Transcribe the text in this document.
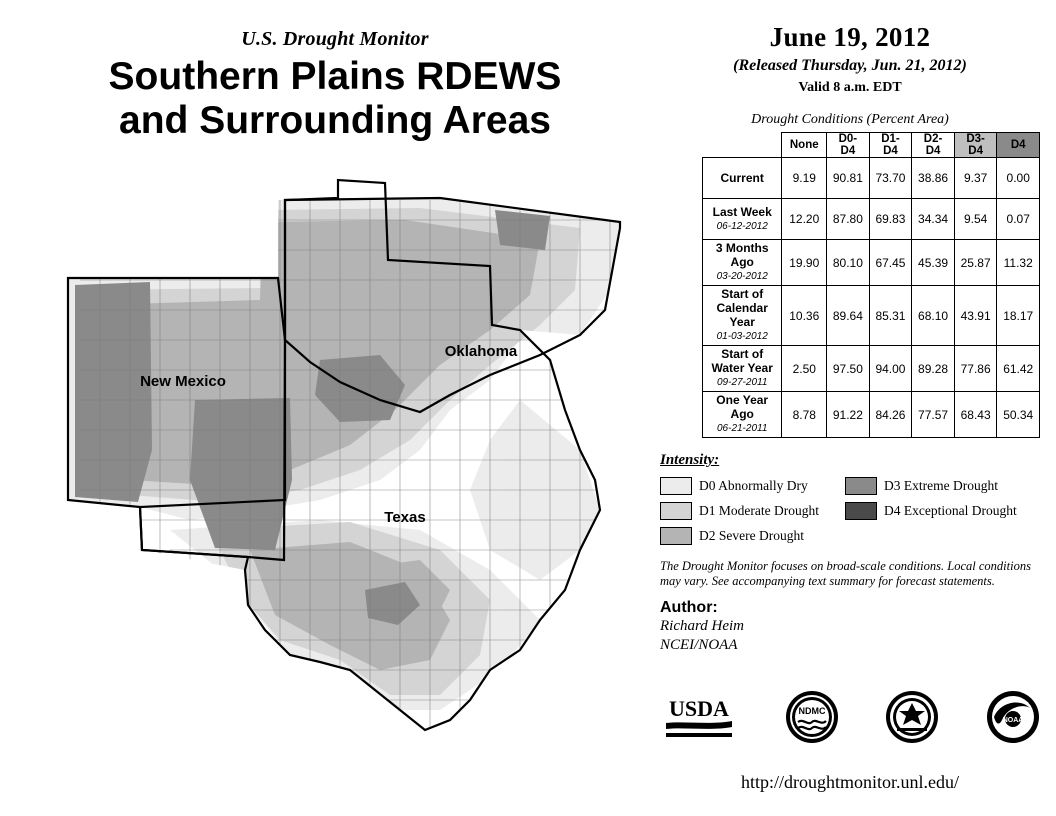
U.S. Drought Monitor
Southern Plains RDEWS
and Surrounding Areas
New Mexico
Oklahoma
Texas
June 19, 2012
(Released Thursday, Jun. 21, 2012)
Valid 8 a.m. EDT
Drought Conditions (Percent Area)
	None	D0-D4	D1-D4	D2-D4	D3-D4	D4
Current	9.19	90.81	73.70	38.86	9.37	0.00
Last Week
06-12-2012	12.20	87.80	69.83	34.34	9.54	0.07
3 Months Ago
03-20-2012	19.90	80.10	67.45	45.39	25.87	11.32
Start of Calendar Year
01-03-2012	10.36	89.64	85.31	68.10	43.91	18.17
Start of Water Year
09-27-2011	2.50	97.50	94.00	89.28	77.86	61.42
One Year Ago
06-21-2011	8.78	91.22	84.26	77.57	68.43	50.34
Intensity:
D0 Abnormally Dry
D1 Moderate Drought
D2 Severe Drought
D3 Extreme Drought
D4 Exceptional Drought
The Drought Monitor focuses on broad-scale conditions. Local conditions may vary. See accompanying text summary for forecast statements.
Author:
Richard Heim
NCEI/NOAA
USDA	NDMC
NOAA
http://droughtmonitor.unl.edu/
